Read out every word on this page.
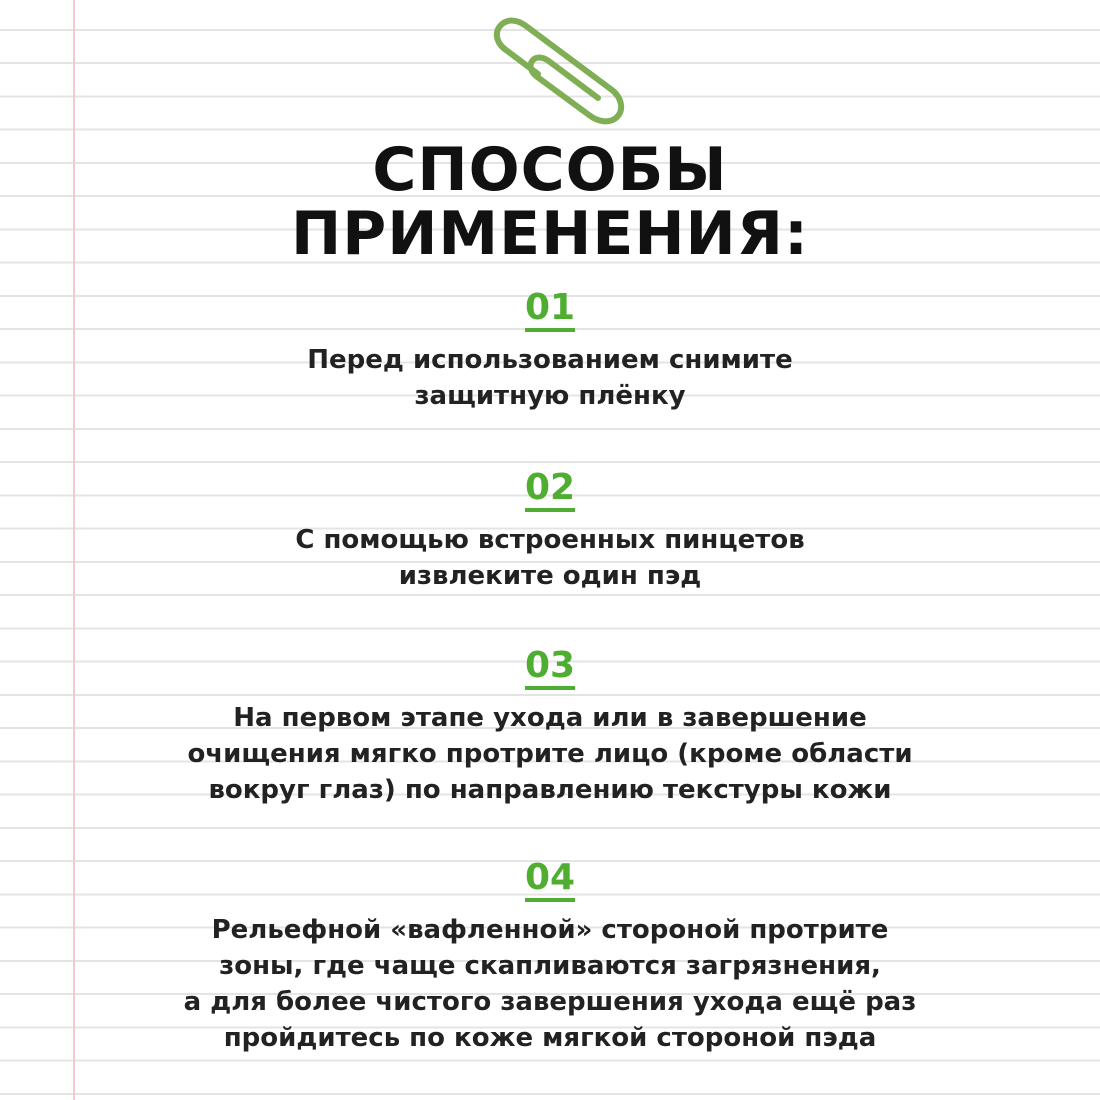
СПОСОБЫ
ПРИМЕНЕНИЯ:
01
Перед использованием снимите
защитную плёнку
02
С помощью встроенных пинцетов
извлеките один пэд
03
На первом этапе ухода или в завершение
очищения мягко протрите лицо (кроме области
вокруг глаз) по направлению текстуры кожи
04
Рельефной «вафленной» стороной протрите
зоны, где чаще скапливаются загрязнения,
а для более чистого завершения ухода ещё раз
пройдитесь по коже мягкой стороной пэда
